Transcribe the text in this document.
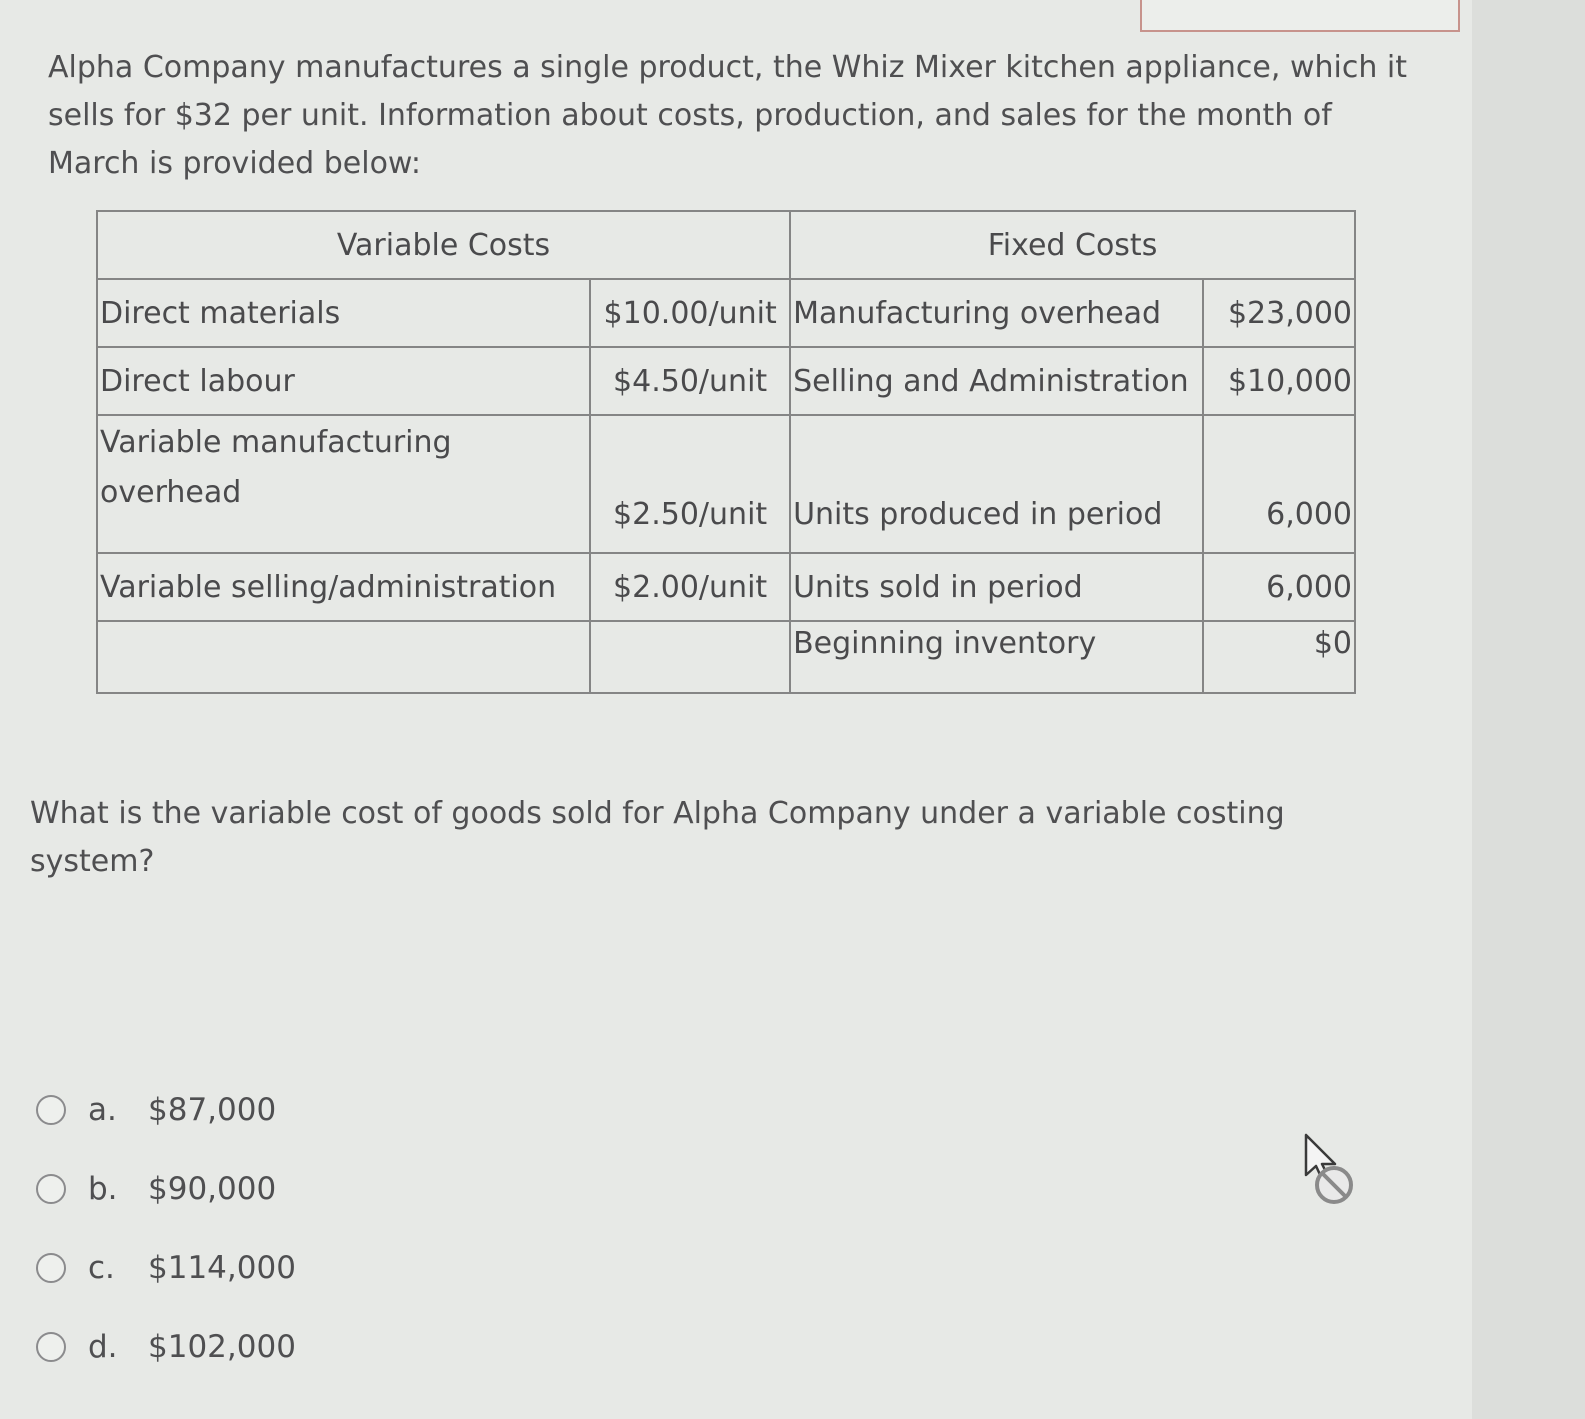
Alpha Company manufactures a single product, the Whiz Mixer kitchen appliance, which it sells for $32 per unit. Information about costs, production, and sales for the month of March is provided below:

Variable Costs		Fixed Costs	
Direct materials	$10.00/unit	Manufacturing overhead	$23,000
Direct labour	$4.50/unit	Selling and Administration	$10,000
Variable manufacturing overhead	$2.50/unit	Units produced in period	6,000
Variable selling/administration	$2.00/unit	Units sold in period	6,000
		Beginning inventory	$0

What is the variable cost of goods sold for Alpha Company under a variable costing system?

a.	$87,000
b. $90,000
c.	$114,000
d. $102,000
